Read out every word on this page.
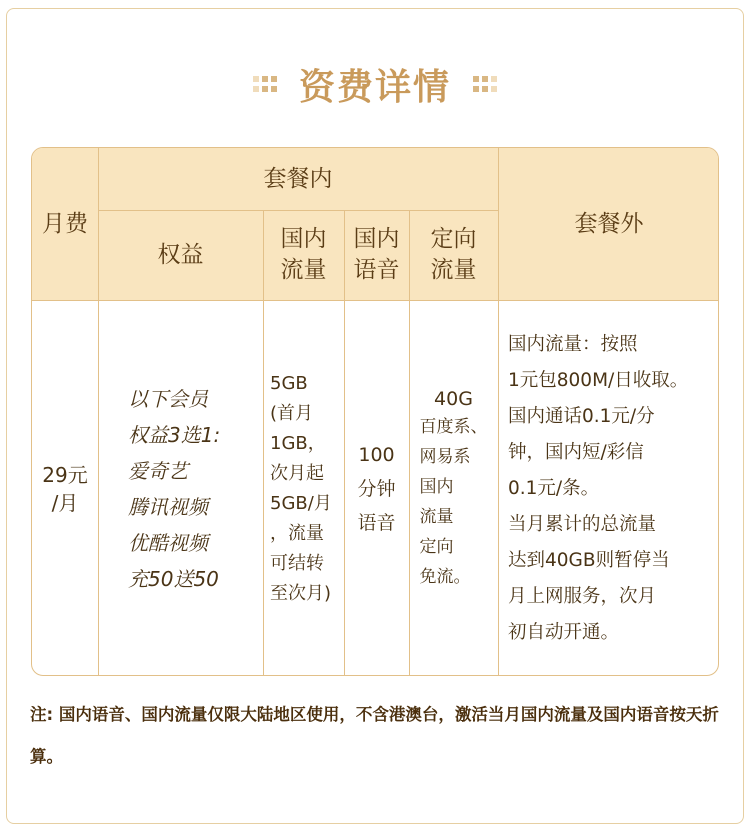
资费详情
月费
套餐内
权益
国内
流量
国内
语音
定向
流量
套餐外
29元
/月
以下会员
权益3选1:
爱奇艺
腾讯视频
优酷视频
充50送50
5GB
(首月
1GB，
次月起
5GB/月
，流量
可结转
至次月)
100
分钟
语音
40G
百度系、
网易系
国内
流量
定向
免流。
国内流量：按照
1元包800M/日收取。
国内通话0.1元/分
钟，国内短/彩信
0.1元/条。
当月累计的总流量
达到40GB则暂停当
月上网服务，次月
初自动开通。
注: 国内语音、国内流量仅限大陆地区使用，不含港澳台，激活当月国内流量及国内语音按天折算。
